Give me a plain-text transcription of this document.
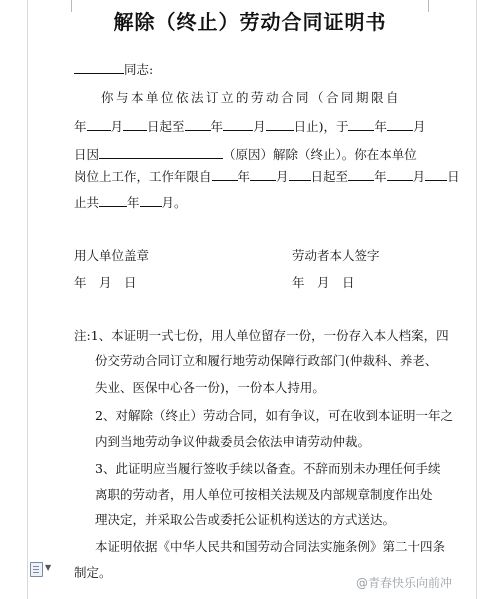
解除（终止）劳动合同证明书
同志:
你与本单位依法订立的劳动合同（合同期限自
年 月 日起至 年 月 日止)，于 年 月
日因	（原因）解除（终止）。你在本单位
岗位上工作，工作年限自 年 月 日起至 年 月 日
止共 年 月。
用人单位盖章	劳动者本人签字
年　月　日	年　月　日
注:1、本证明一式七份，用人单位留存一份，一份存入本人档案，四
份交劳动合同订立和履行地劳动保障行政部门(仲裁科、养老、
失业、医保中心各一份)，一份本人持用。
2、对解除（终止）劳动合同，如有争议，可在收到本证明一年之
内到当地劳动争议仲裁委员会依法申请劳动仲裁。
3、此证明应当履行签收手续以备查。不辞而别未办理任何手续
离职的劳动者，用人单位可按相关法规及内部规章制度作出处
理决定，并采取公告或委托公证机构送达的方式送达。
本证明依据《中华人民共和国劳动合同法实施条例》第二十四条
制定。
▼
@青春快乐向前冲
